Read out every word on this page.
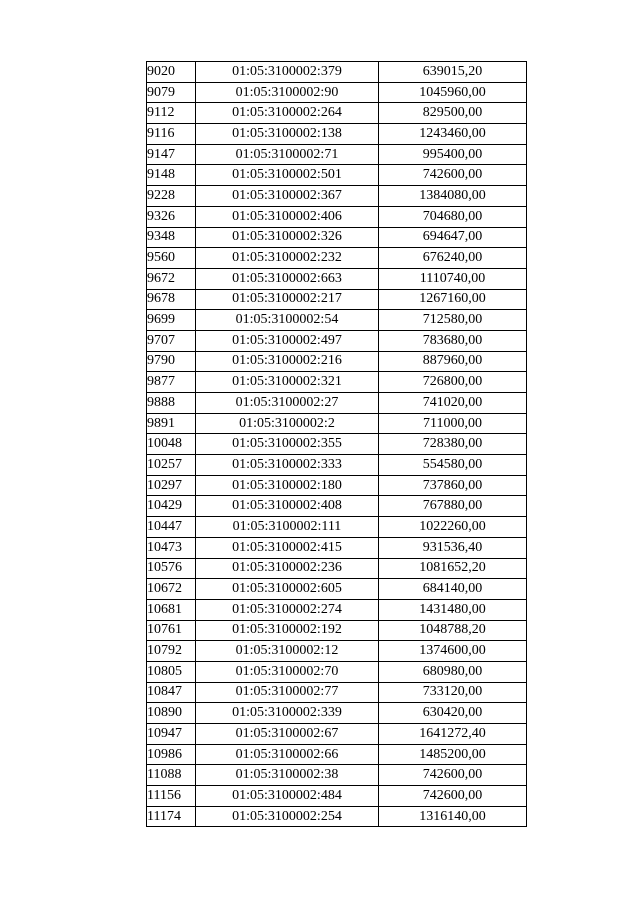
9020	01:05:3100002:379	639015,20
9079	01:05:3100002:90	1045960,00
9112	01:05:3100002:264	829500,00
9116	01:05:3100002:138	1243460,00
9147	01:05:3100002:71	995400,00
9148	01:05:3100002:501	742600,00
9228	01:05:3100002:367	1384080,00
9326	01:05:3100002:406	704680,00
9348	01:05:3100002:326	694647,00
9560	01:05:3100002:232	676240,00
9672	01:05:3100002:663	1110740,00
9678	01:05:3100002:217	1267160,00
9699	01:05:3100002:54	712580,00
9707	01:05:3100002:497	783680,00
9790	01:05:3100002:216	887960,00
9877	01:05:3100002:321	726800,00
9888	01:05:3100002:27	741020,00
9891	01:05:3100002:2	711000,00
10048	01:05:3100002:355	728380,00
10257	01:05:3100002:333	554580,00
10297	01:05:3100002:180	737860,00
10429	01:05:3100002:408	767880,00
10447	01:05:3100002:111	1022260,00
10473	01:05:3100002:415	931536,40
10576	01:05:3100002:236	1081652,20
10672	01:05:3100002:605	684140,00
10681	01:05:3100002:274	1431480,00
10761	01:05:3100002:192	1048788,20
10792	01:05:3100002:12	1374600,00
10805	01:05:3100002:70	680980,00
10847	01:05:3100002:77	733120,00
10890	01:05:3100002:339	630420,00
10947	01:05:3100002:67	1641272,40
10986	01:05:3100002:66	1485200,00
11088	01:05:3100002:38	742600,00
11156	01:05:3100002:484	742600,00
11174	01:05:3100002:254	1316140,00
